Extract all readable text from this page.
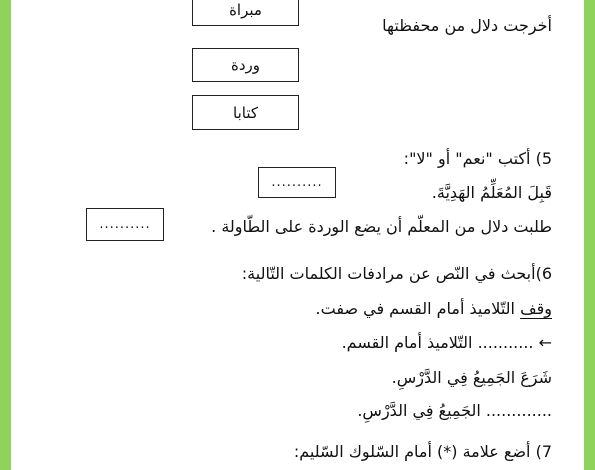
مبراة
وردة
كتابا
أخرجت دلال من محفظتها
5) أكتب "نعم" أو "لا":
قَبِلَ المُعَلِّمُ الهَدِيَّةَ.
..........
طلبت دلال من المعلّم أن يضع الوردة على الطّاولة .
..........
6)أبحث في النّص عن مرادفات الكلمات التّالية:
وقف التّلاميذ أمام القسم في صفت.
← ........... التّلاميذ أمام القسم.
شَرَعَ الجَمِيعُ فِي الدَّرْسِ.
............. الجَمِيعُ فِي الدَّرْسِ.
7) أضع علامة (*) أمام السّلوك السّليم:
